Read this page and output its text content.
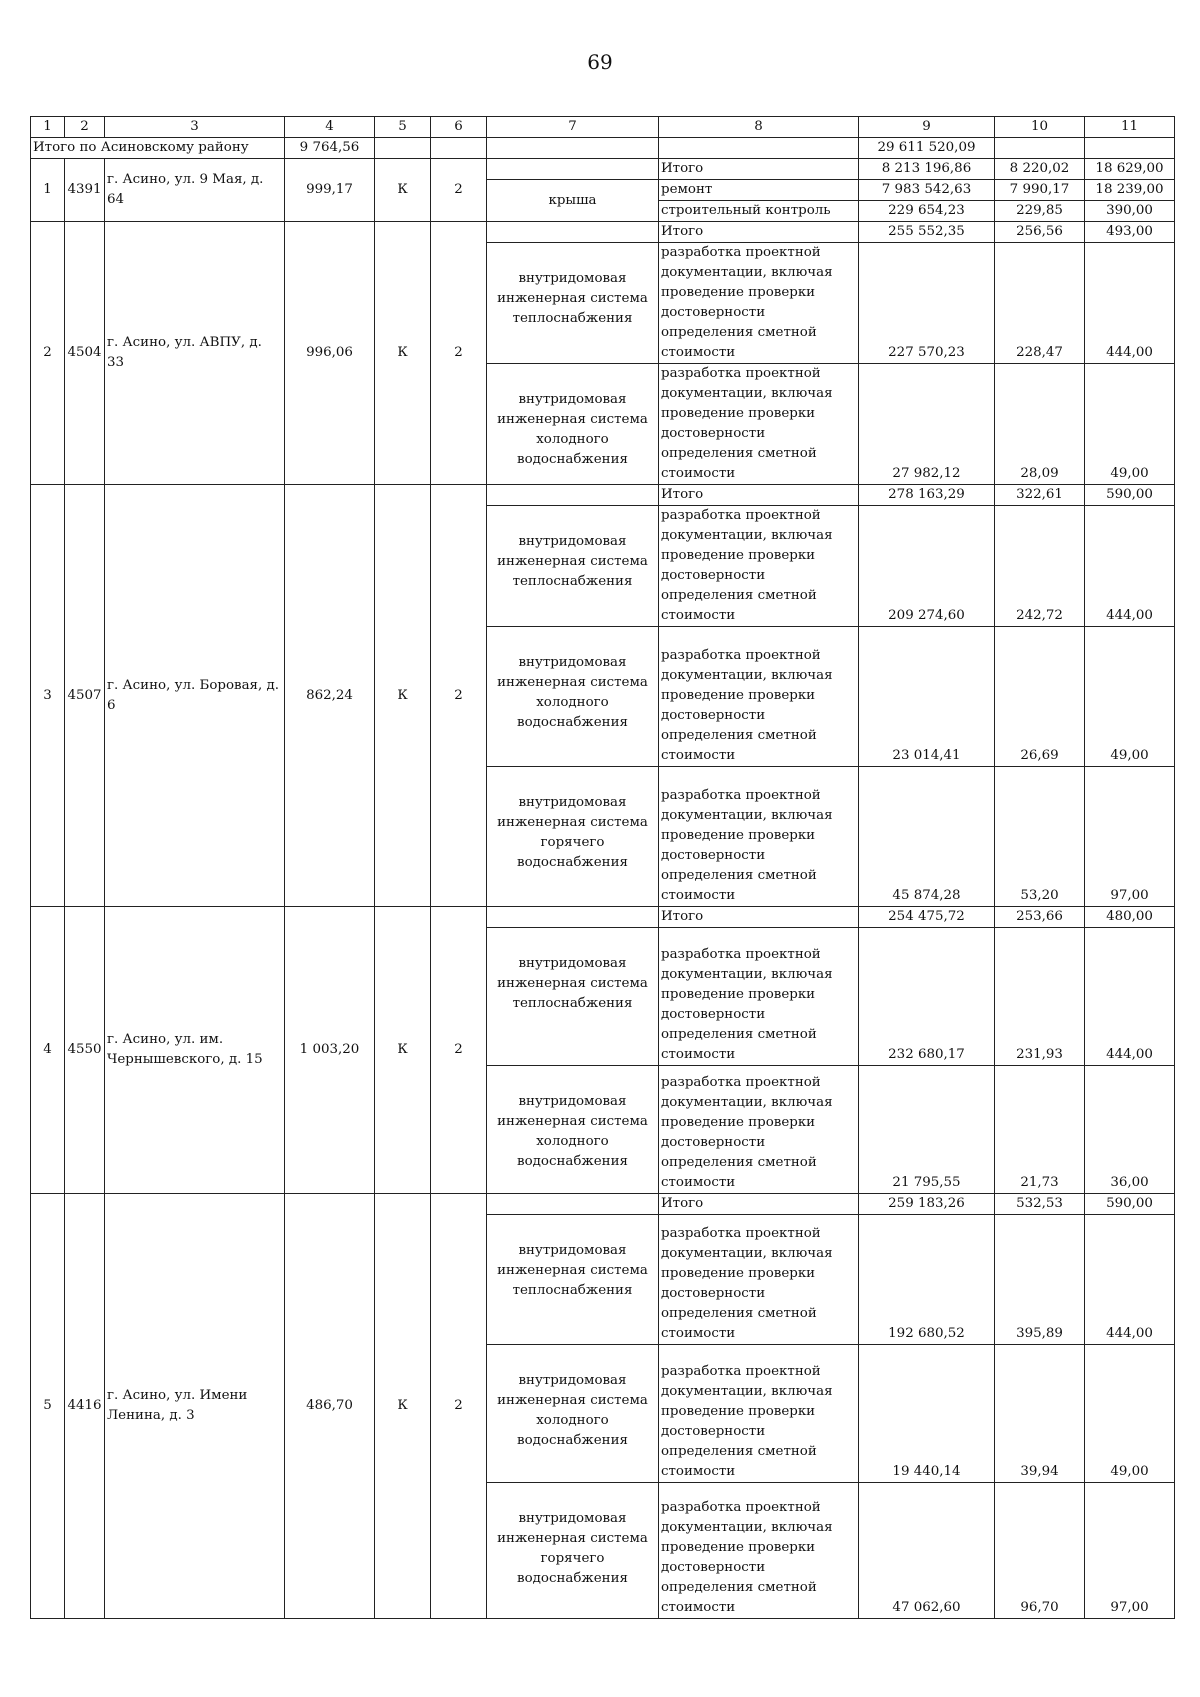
69
1	2	3	4	5	6	7	8	9	10	11
Итого по Асиновскому району			9 764,56					29 611 520,09		
1	4391	г. Асино, ул. 9 Мая, д. 64	999,17	К	2		Итого	8 213 196,86	8 220,02	18 629,00
						крыша	ремонт	7 983 542,63	7 990,17	18 239,00
							строительный контроль	229 654,23	229,85	390,00
2	4504	г. Асино, ул. АВПУ, д. 33	996,06	К	2		Итого	255 552,35	256,56	493,00
						внутридомовая инженерная система теплоснабжения	разработка проектной документации, включая проведение проверки достоверности определения сметной стоимости	227 570,23	228,47	444,00
						внутридомовая инженерная система холодного водоснабжения	разработка проектной документации, включая проведение проверки достоверности определения сметной стоимости	27 982,12	28,09	49,00
3	4507	г. Асино, ул. Боровая, д. 6	862,24	К	2		Итого	278 163,29	322,61	590,00
						внутридомовая инженерная система теплоснабжения	разработка проектной документации, включая проведение проверки достоверности определения сметной стоимости	209 274,60	242,72	444,00
						внутридомовая инженерная система холодного водоснабжения	разработка проектной документации, включая проведение проверки достоверности определения сметной стоимости	23 014,41	26,69	49,00
						внутридомовая инженерная система горячего водоснабжения	разработка проектной документации, включая проведение проверки достоверности определения сметной стоимости	45 874,28	53,20	97,00
4	4550	г. Асино, ул. им. Чернышевского, д. 15	1 003,20	К	2		Итого	254 475,72	253,66	480,00
						внутридомовая инженерная система теплоснабжения	разработка проектной документации, включая проведение проверки достоверности определения сметной стоимости	232 680,17	231,93	444,00
						внутридомовая инженерная система холодного водоснабжения	разработка проектной документации, включая проведение проверки достоверности определения сметной стоимости	21 795,55	21,73	36,00
5	4416	г. Асино, ул. Имени Ленина, д. 3	486,70	К	2		Итого	259 183,26	532,53	590,00
						внутридомовая инженерная система теплоснабжения	разработка проектной документации, включая проведение проверки достоверности определения сметной стоимости	192 680,52	395,89	444,00
						внутридомовая инженерная система холодного водоснабжения	разработка проектной документации, включая проведение проверки достоверности определения сметной стоимости	19 440,14	39,94	49,00
						внутридомовая инженерная система горячего водоснабжения	разработка проектной документации, включая проведение проверки достоверности определения сметной стоимости	47 062,60	96,70	97,00
